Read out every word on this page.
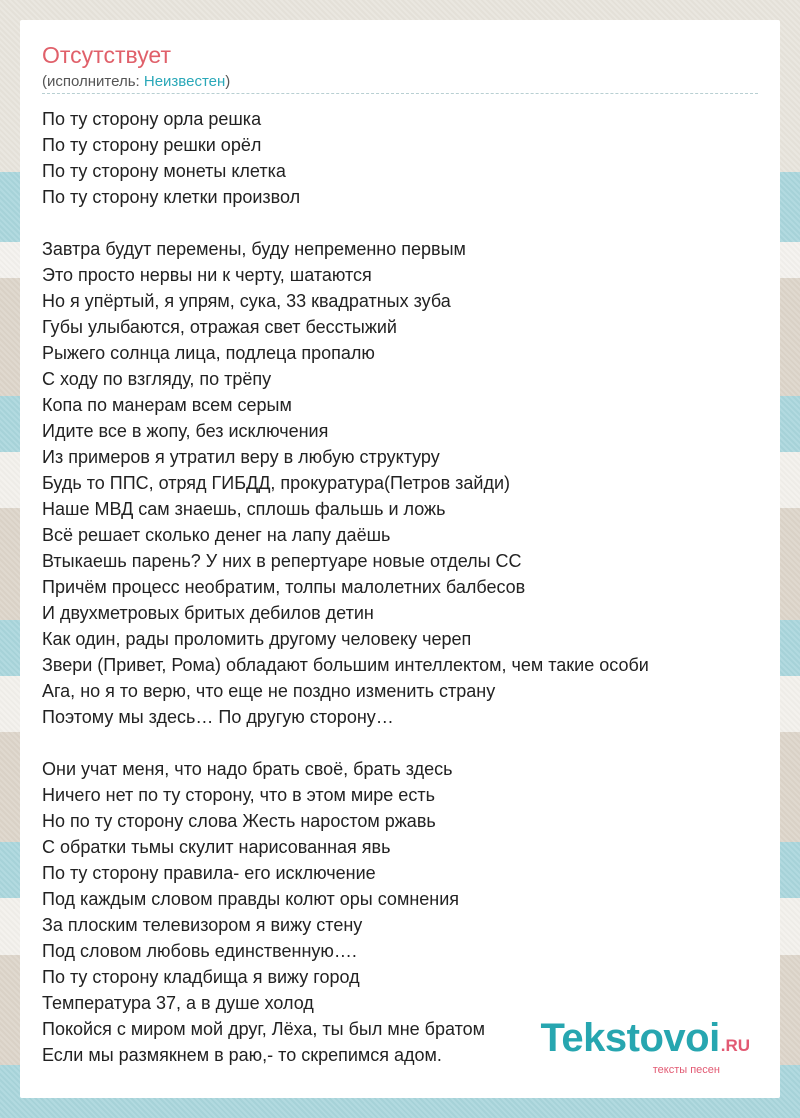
Отсутствует
(исполнитель: Неизвестен)
По ту сторону орла решка
По ту сторону решки орёл
По ту сторону монеты клетка
По ту сторону клетки произвол

Завтра будут перемены, буду непременно первым
Это просто нервы ни к черту, шатаются
Но я упёртый, я упрям, сука, 33 квадратных зуба
Губы улыбаются, отражая свет бесстыжий
Рыжего солнца лица, подлеца пропалю
С ходу по взгляду, по трёпу
Копа по манерам всем серым
Идите все в жопу, без исключения
Из примеров я утратил веру в любую структуру
Будь то ППС, отряд ГИБДД, прокуратура(Петров зайди)
Наше МВД сам знаешь, сплошь фальшь и ложь
Всё решает сколько денег на лапу даёшь
Втыкаешь парень? У них в репертуаре новые отделы СС
Причём процесс необратим, толпы малолетних балбесов
И двухметровых бритых дебилов детин
Как один, рады проломить другому человеку череп
Звери (Привет, Рома) обладают большим интеллектом, чем такие особи
Ага, но я то верю, что еще не поздно изменить страну
Поэтому мы здесь… По другую сторону…

Они учат меня, что надо брать своё, брать здесь
Ничего нет по ту сторону, что в этом мире есть
Но по ту сторону слова Жесть наростом ржавь
С обратки тьмы скулит нарисованная явь
По ту сторону правила- его исключение
Под каждым словом правды колют оры сомнения
За плоским телевизором я вижу стену
Под словом любовь единственную….
По ту сторону кладбища я вижу город
Температура 37, а в душе холод
Покойся с миром мой друг, Лёха, ты был мне братом
Если мы размякнем в раю,- то скрепимся адом.	Tekstovoi.RU
тексты песен
